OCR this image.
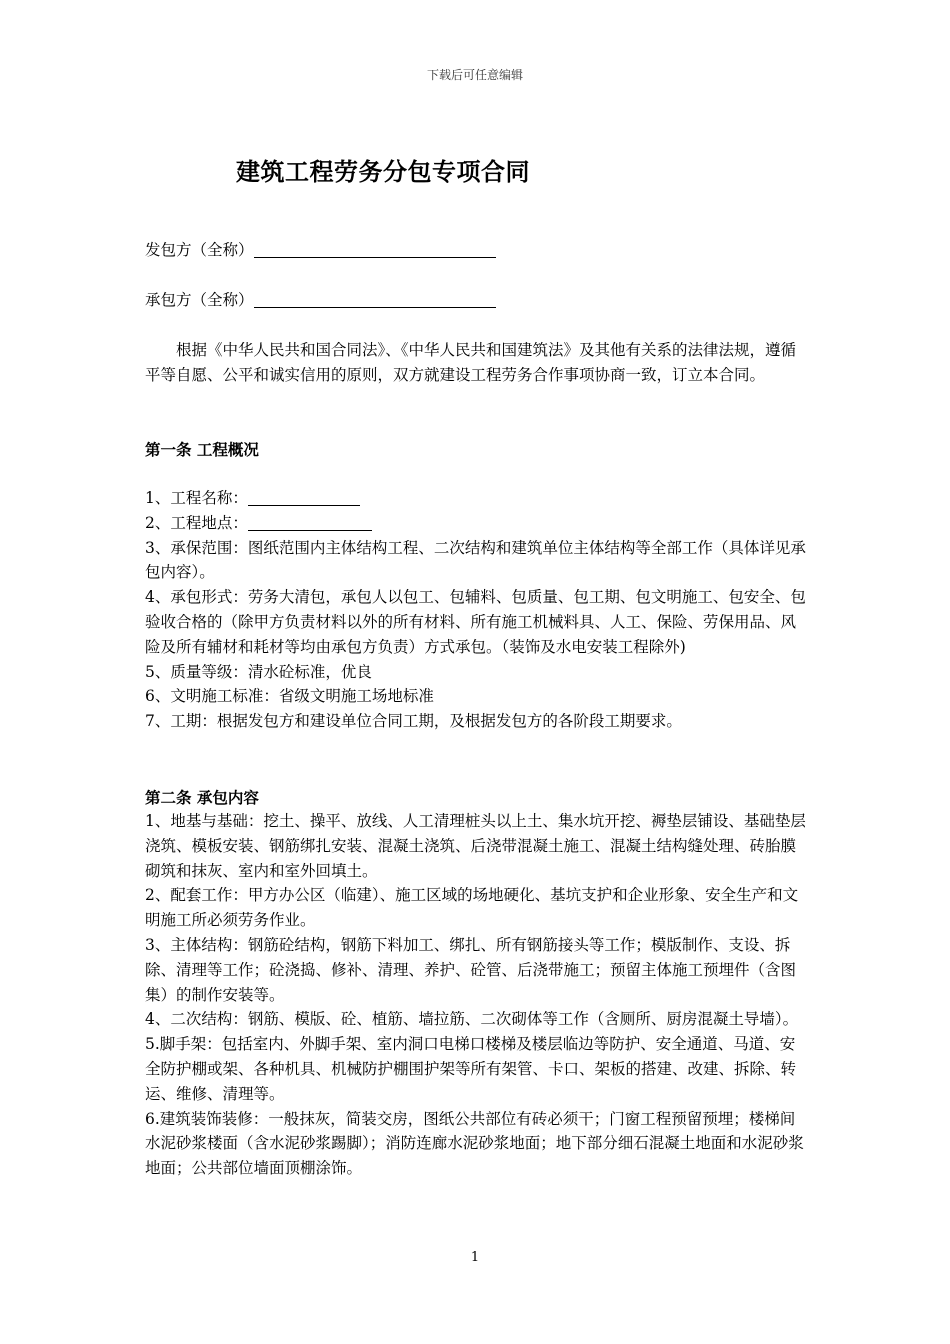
下载后可任意编辑
建筑工程劳务分包专项合同
发包方（全称）
承包方（全称）

根据《中华人民共和国合同法》、《中华人民共和国建筑法》及其他有关系的法律法规，遵循平等自愿、公平和诚实信用的原则，双方就建设工程劳务合作事项协商一致，订立本合同。

第一条 工程概况

1、工程名称：

2、工程地点：

3、承保范围：图纸范围内主体结构工程、二次结构和建筑单位主体结构等全部工作（具体详见承包内容）。

4、承包形式：劳务大清包，承包人以包工、包辅料、包质量、包工期、包文明施工、包安全、包验收合格的（除甲方负责材料以外的所有材料、所有施工机械料具、人工、保险、劳保用品、风险及所有辅材和耗材等均由承包方负责）方式承包。（装饰及水电安装工程除外)

5、质量等级：清水砼标准，优良

6、文明施工标准：省级文明施工场地标准

7、工期：根据发包方和建设单位合同工期，及根据发包方的各阶段工期要求。

第二条 承包内容

1、地基与基础：挖土、操平、放线、人工清理桩头以上土、集水坑开挖、褥垫层铺设、基础垫层浇筑、模板安装、钢筋绑扎安装、混凝土浇筑、后浇带混凝土施工、混凝土结构缝处理、砖胎膜砌筑和抹灰、室内和室外回填土。

2、配套工作：甲方办公区（临建）、施工区域的场地硬化、基坑支护和企业形象、安全生产和文明施工所必须劳务作业。

3、主体结构：钢筋砼结构，钢筋下料加工、绑扎、所有钢筋接头等工作；模版制作、支设、拆除、清理等工作；砼浇捣、修补、清理、养护、砼管、后浇带施工；预留主体施工预埋件（含图集）的制作安装等。

4、二次结构：钢筋、模版、砼、植筋、墙拉筋、二次砌体等工作（含厕所、厨房混凝土导墙）。

5.脚手架：包括室内、外脚手架、室内洞口电梯口楼梯及楼层临边等防护、安全通道、马道、安全防护棚或架、各种机具、机械防护棚围护架等所有架管、卡口、架板的搭建、改建、拆除、转运、维修、清理等。

6.建筑装饰装修：一般抹灰，简装交房，图纸公共部位有砖必须干；门窗工程预留预埋；楼梯间水泥砂浆楼面（含水泥砂浆踢脚）；消防连廊水泥砂浆地面；地下部分细石混凝土地面和水泥砂浆地面；公共部位墙面顶棚涂饰。

1
